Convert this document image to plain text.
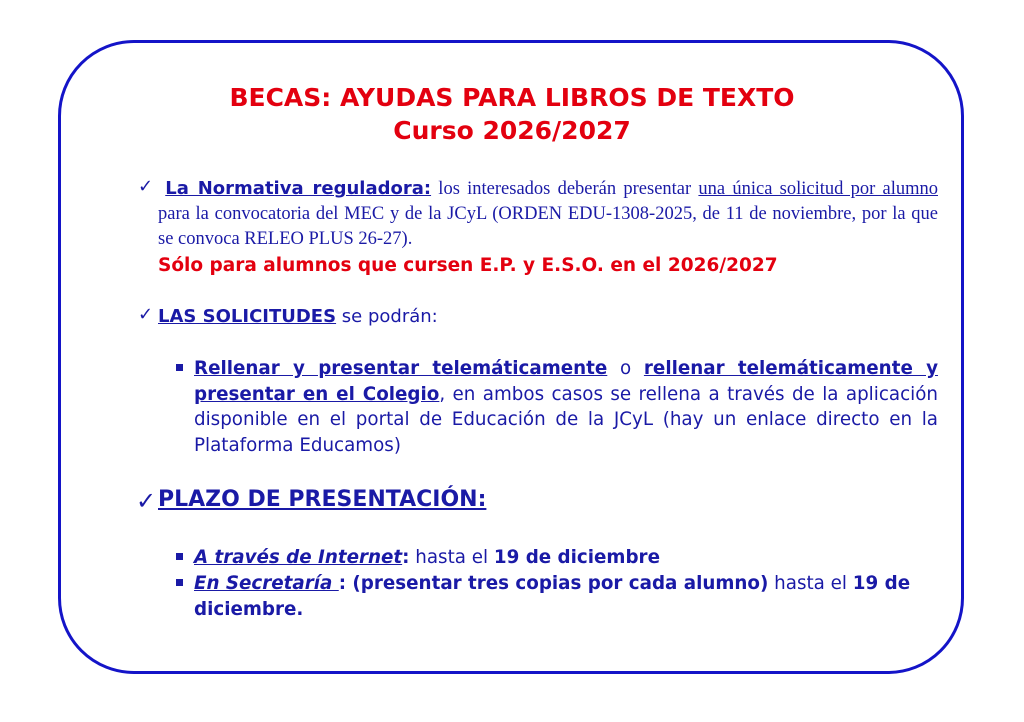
BECAS: AYUDAS PARA LIBROS DE TEXTO
Curso 2026/2027
✓ La Normativa reguladora: los interesados deberán presentar una única solicitud por alumno para la convocatoria del MEC y de la JCyL (ORDEN EDU-1308-2025, de 11 de noviembre, por la que se convoca RELEO PLUS 26-27).

Sólo para alumnos que cursen E.P. y E.S.O. en el 2026/2027
✓ LAS SOLICITUDES se podrán:

Rellenar y presentar telemáticamente o rellenar telemáticamente y presentar en el Colegio, en ambos casos se rellena a través de la aplicación disponible en el portal de Educación de la JCyL (hay un enlace directo en la Plataforma Educamos)

✓ PLAZO DE PRESENTACIÓN:

A través de Internet: hasta el 19 de diciembre

En Secretaría : (presentar tres copias por cada alumno) hasta el 19 de diciembre.
